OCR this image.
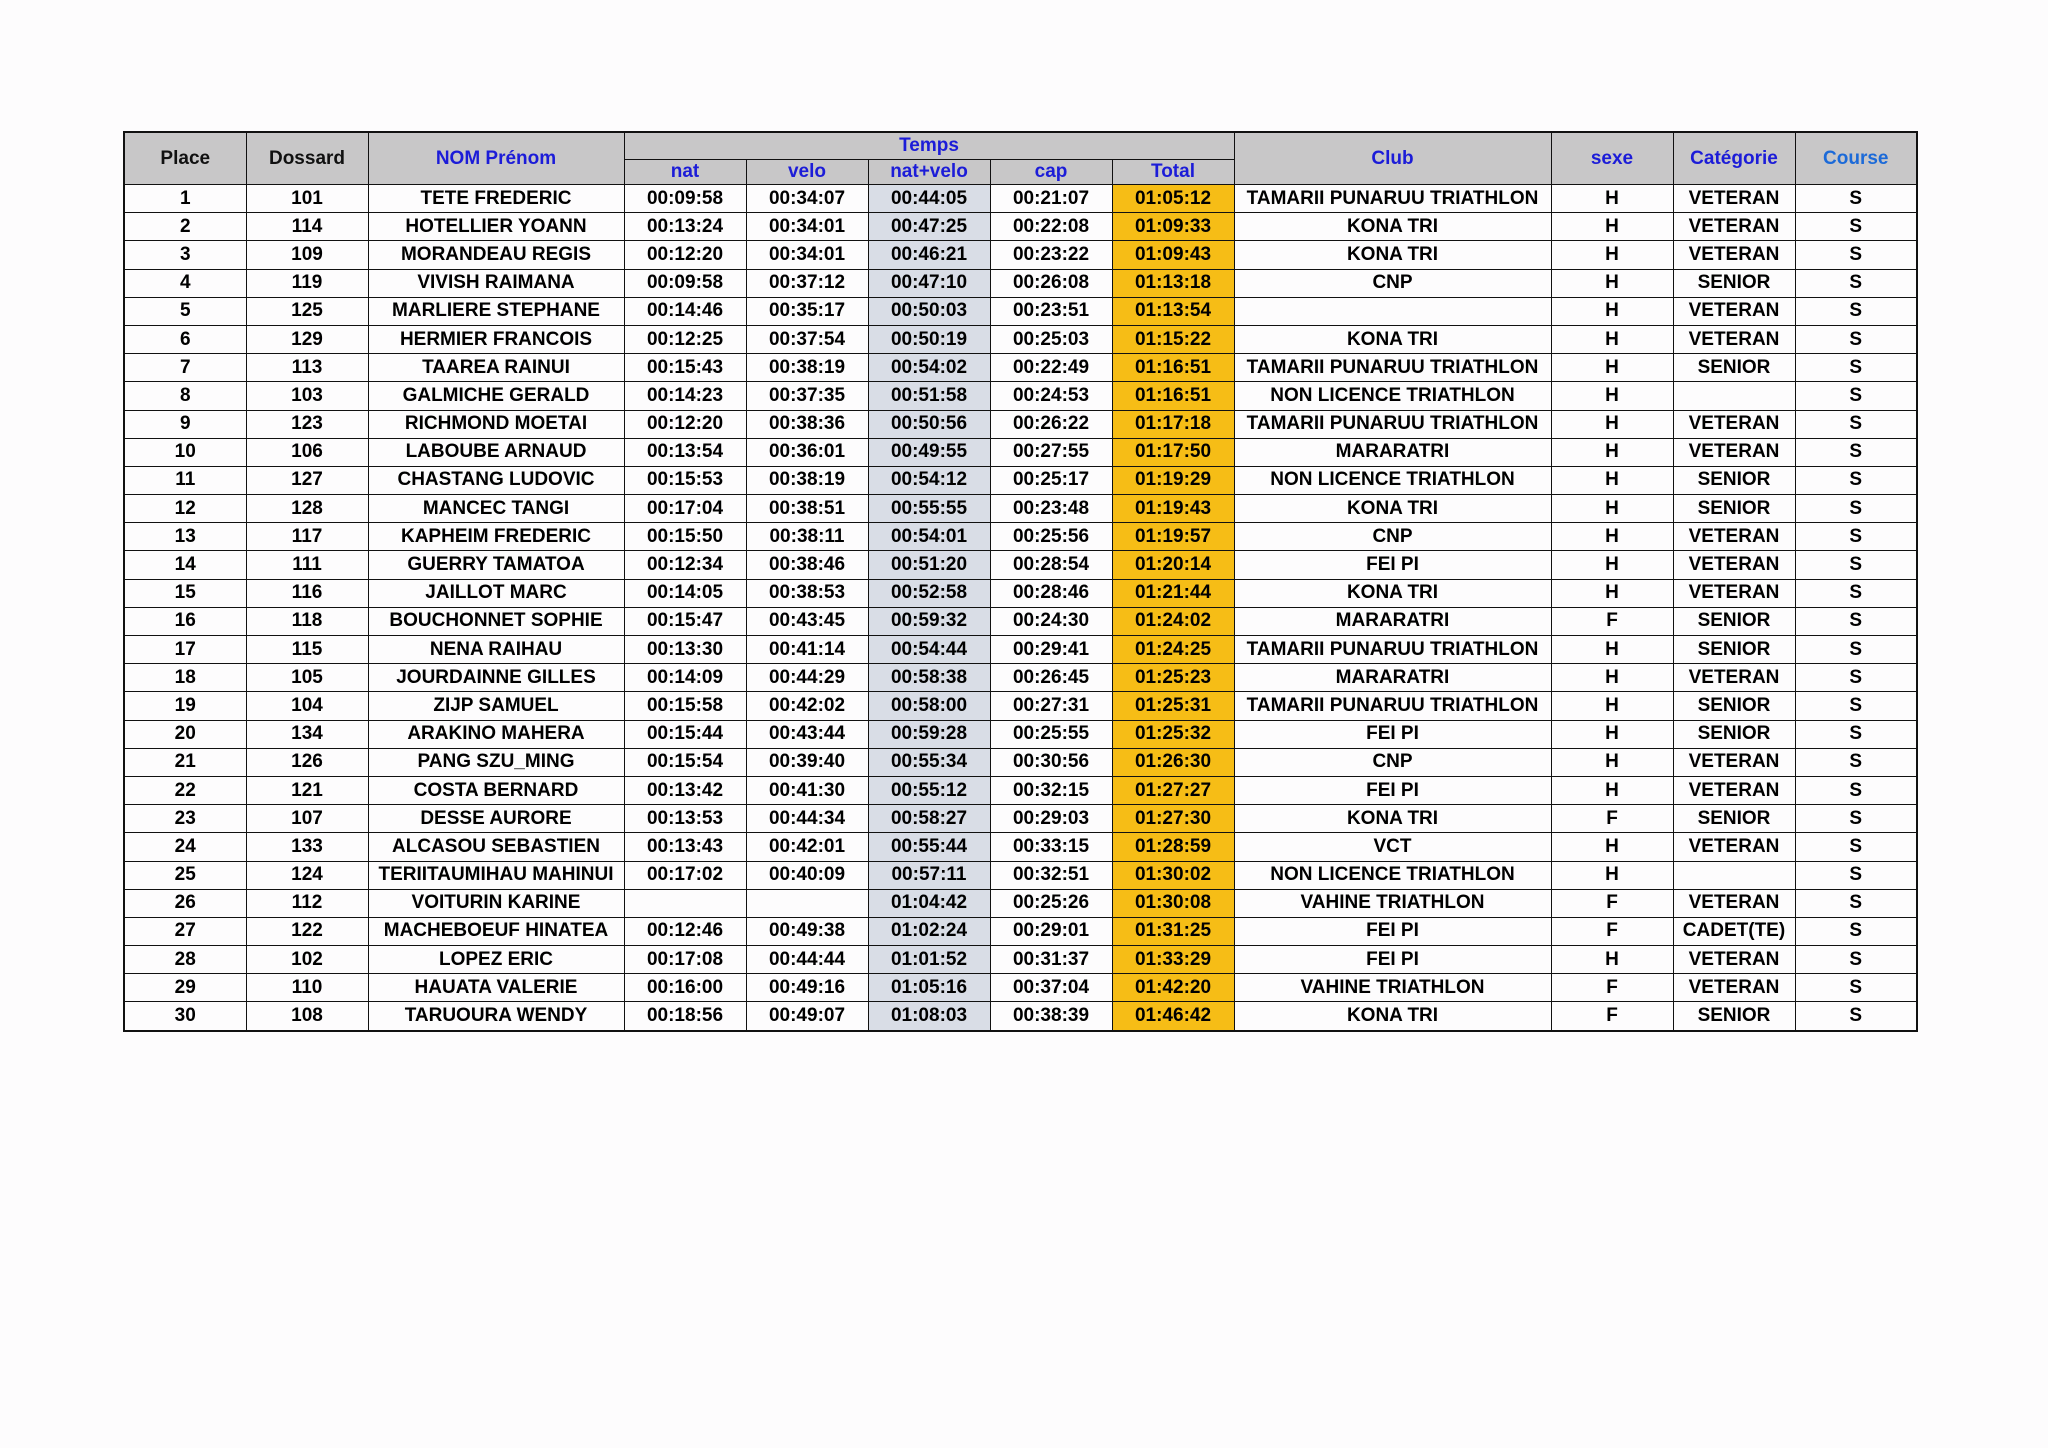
Place	Dossard	NOM Prénom	Temps					Club	sexe	Catégorie	Course
			nat	velo	nat+velo	cap	Total				
1	101	TETE FREDERIC	00:09:58	00:34:07	00:44:05	00:21:07	01:05:12	TAMARII PUNARUU TRIATHLON	H	VETERAN	S
2	114	HOTELLIER YOANN	00:13:24	00:34:01	00:47:25	00:22:08	01:09:33	KONA TRI	H	VETERAN	S
3	109	MORANDEAU REGIS	00:12:20	00:34:01	00:46:21	00:23:22	01:09:43	KONA TRI	H	VETERAN	S
4	119	VIVISH RAIMANA	00:09:58	00:37:12	00:47:10	00:26:08	01:13:18	CNP	H	SENIOR	S
5	125	MARLIERE STEPHANE	00:14:46	00:35:17	00:50:03	00:23:51	01:13:54		H	VETERAN	S
6	129	HERMIER FRANCOIS	00:12:25	00:37:54	00:50:19	00:25:03	01:15:22	KONA TRI	H	VETERAN	S
7	113	TAAREA RAINUI	00:15:43	00:38:19	00:54:02	00:22:49	01:16:51	TAMARII PUNARUU TRIATHLON	H	SENIOR	S
8	103	GALMICHE GERALD	00:14:23	00:37:35	00:51:58	00:24:53	01:16:51	NON LICENCE TRIATHLON	H		S
9	123	RICHMOND MOETAI	00:12:20	00:38:36	00:50:56	00:26:22	01:17:18	TAMARII PUNARUU TRIATHLON	H	VETERAN	S
10	106	LABOUBE ARNAUD	00:13:54	00:36:01	00:49:55	00:27:55	01:17:50	MARARATRI	H	VETERAN	S
11	127	CHASTANG LUDOVIC	00:15:53	00:38:19	00:54:12	00:25:17	01:19:29	NON LICENCE TRIATHLON	H	SENIOR	S
12	128	MANCEC TANGI	00:17:04	00:38:51	00:55:55	00:23:48	01:19:43	KONA TRI	H	SENIOR	S
13	117	KAPHEIM FREDERIC	00:15:50	00:38:11	00:54:01	00:25:56	01:19:57	CNP	H	VETERAN	S
14	111	GUERRY TAMATOA	00:12:34	00:38:46	00:51:20	00:28:54	01:20:14	FEI PI	H	VETERAN	S
15	116	JAILLOT MARC	00:14:05	00:38:53	00:52:58	00:28:46	01:21:44	KONA TRI	H	VETERAN	S
16	118	BOUCHONNET SOPHIE	00:15:47	00:43:45	00:59:32	00:24:30	01:24:02	MARARATRI	F	SENIOR	S
17	115	NENA RAIHAU	00:13:30	00:41:14	00:54:44	00:29:41	01:24:25	TAMARII PUNARUU TRIATHLON	H	SENIOR	S
18	105	JOURDAINNE GILLES	00:14:09	00:44:29	00:58:38	00:26:45	01:25:23	MARARATRI	H	VETERAN	S
19	104	ZIJP SAMUEL	00:15:58	00:42:02	00:58:00	00:27:31	01:25:31	TAMARII PUNARUU TRIATHLON	H	SENIOR	S
20	134	ARAKINO MAHERA	00:15:44	00:43:44	00:59:28	00:25:55	01:25:32	FEI PI	H	SENIOR	S
21	126	PANG SZU_MING	00:15:54	00:39:40	00:55:34	00:30:56	01:26:30	CNP	H	VETERAN	S
22	121	COSTA BERNARD	00:13:42	00:41:30	00:55:12	00:32:15	01:27:27	FEI PI	H	VETERAN	S
23	107	DESSE AURORE	00:13:53	00:44:34	00:58:27	00:29:03	01:27:30	KONA TRI	F	SENIOR	S
24	133	ALCASOU SEBASTIEN	00:13:43	00:42:01	00:55:44	00:33:15	01:28:59	VCT	H	VETERAN	S
25	124	TERIITAUMIHAU MAHINUI	00:17:02	00:40:09	00:57:11	00:32:51	01:30:02	NON LICENCE TRIATHLON	H		S
26	112	VOITURIN KARINE			01:04:42	00:25:26	01:30:08	VAHINE TRIATHLON	F	VETERAN	S
27	122	MACHEBOEUF HINATEA	00:12:46	00:49:38	01:02:24	00:29:01	01:31:25	FEI PI	F	CADET(TE)	S
28	102	LOPEZ ERIC	00:17:08	00:44:44	01:01:52	00:31:37	01:33:29	FEI PI	H	VETERAN	S
29	110	HAUATA VALERIE	00:16:00	00:49:16	01:05:16	00:37:04	01:42:20	VAHINE TRIATHLON	F	VETERAN	S
30	108	TARUOURA WENDY	00:18:56	00:49:07	01:08:03	00:38:39	01:46:42	KONA TRI	F	SENIOR	S
